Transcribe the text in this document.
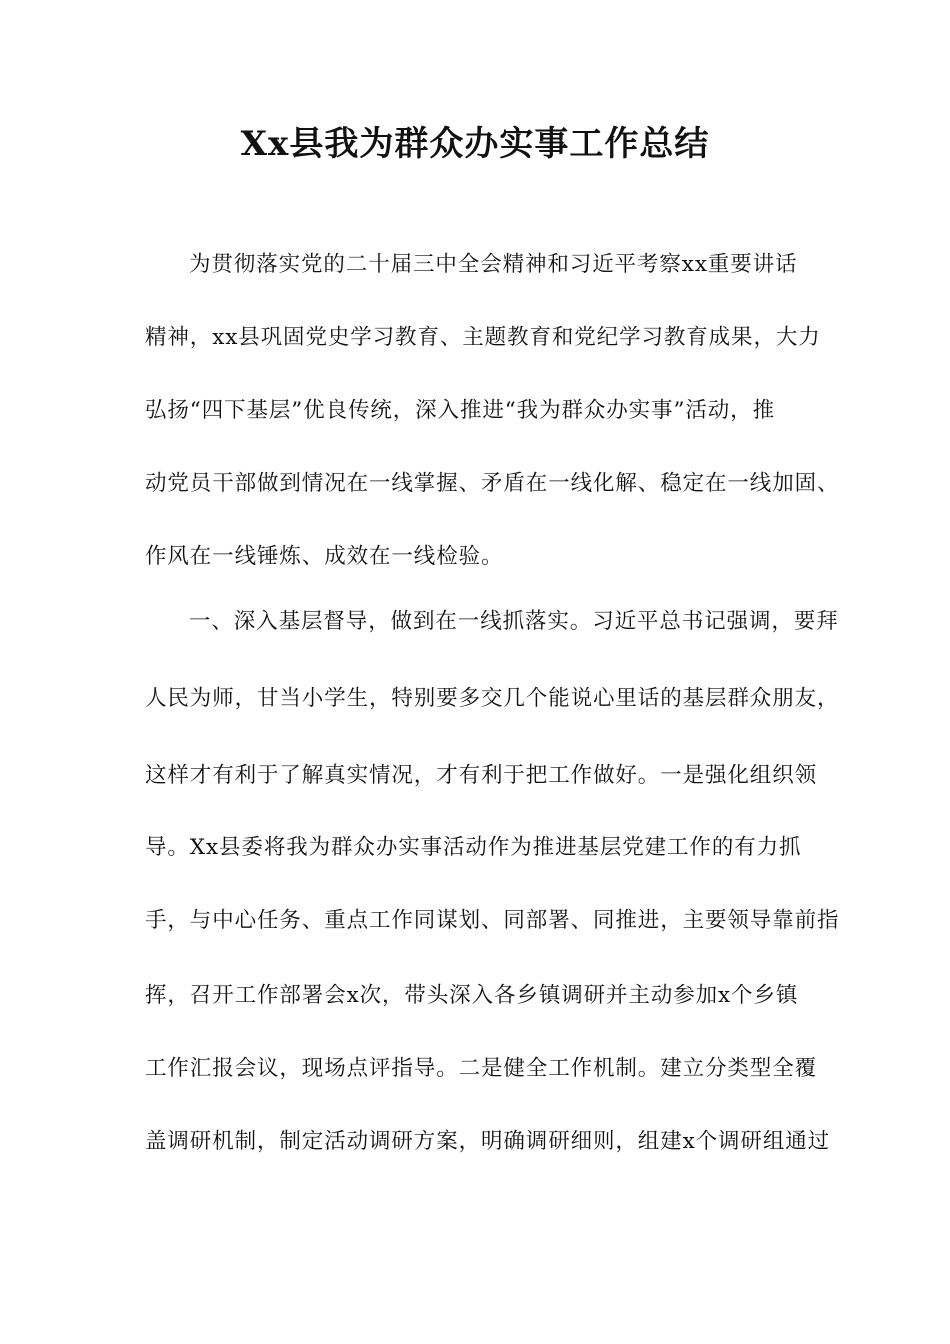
Xx县我为群众办实事工作总结
为贯彻落实党的二十届三中全会精神和习近平考察xx重要讲话
精神，xx县巩固党史学习教育、主题教育和党纪学习教育成果，大力
弘扬“四下基层”优良传统，深入推进“我为群众办实事”活动，推
动党员干部做到情况在一线掌握、矛盾在一线化解、稳定在一线加固、
作风在一线锤炼、成效在一线检验。
一、深入基层督导，做到在一线抓落实。习近平总书记强调，要拜
人民为师，甘当小学生，特别要多交几个能说心里话的基层群众朋友，
这样才有利于了解真实情况，才有利于把工作做好。一是强化组织领
导。Xx县委将我为群众办实事活动作为推进基层党建工作的有力抓
手，与中心任务、重点工作同谋划、同部署、同推进，主要领导靠前指
挥，召开工作部署会x次，带头深入各乡镇调研并主动参加x个乡镇
工作汇报会议，现场点评指导。二是健全工作机制。建立分类型全覆
盖调研机制，制定活动调研方案，明确调研细则，组建x个调研组通过
